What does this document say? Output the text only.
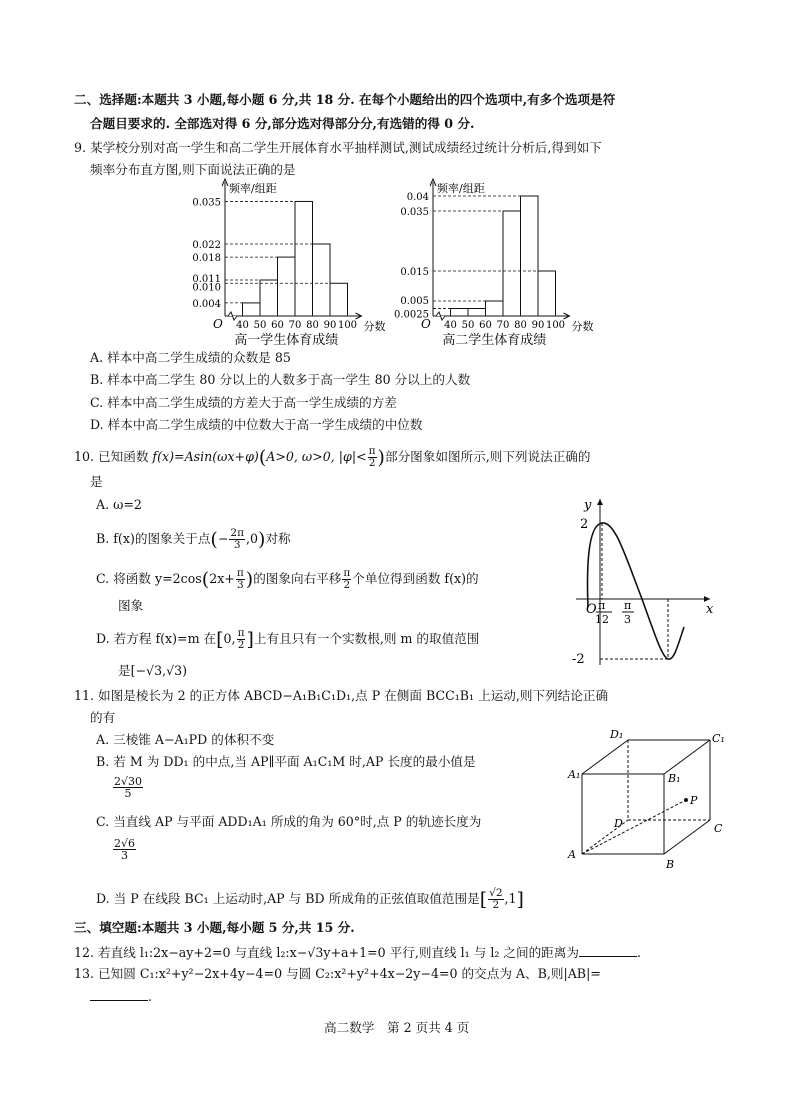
二、选择题:本题共 3 小题,每小题 6 分,共 18 分. 在每个小题给出的四个选项中,有多个选项是符
合题目要求的. 全部选对得 6 分,部分选对得部分分,有选错的得 0 分.
9. 某学校分别对高一学生和高二学生开展体育水平抽样测试,测试成绩经过统计分析后,得到如下
频率分布直方图,则下面说法正确的是
频率/组距
分数
O
高一学生体育成绩
0.035
0.022
0.018
0.011
0.010
0.004
40 50 60 70 80 90 100
频率/组距
分数
O
高二学生体育成绩
0.04
0.035
0.015
0.005
0.0025
40 50 60 70 80 90 100
A. 样本中高二学生成绩的众数是 85
B. 样本中高二学生 80 分以上的人数多于高一学生 80 分以上的人数
C. 样本中高二学生成绩的方差大于高一学生成绩的方差
D. 样本中高二学生成绩的中位数大于高一学生成绩的中位数
10. 已知函数 f(x)=Asin(ωx+φ)(A>0, ω>0, $|\varphi|< \frac{\pi}{2}$ )部分图象如图所示,则下列说法正确的
是
A. ω=2
B. f(x)的图象关于点(− $\frac{2\pi}{3} ,0$)对称
C. 将函数 $y=2\cos(2x+ \frac{\pi}{3}$ )的图象向右平移 $\frac{\pi}{2}$ 个单位得到函数 f(x)的
图象
D. 若方程 f(x)=m 在[0, $\frac{\pi}{2}$ ]上有且只有一个实数根,则 m 的取值范围
是[−√3,√3)
y
x
O
2
-2
π
12
π
3
11. 如图是棱长为 2 的正方体 ABCD−A₁B₁C₁D₁,点 P 在侧面 BCC₁B₁ 上运动,则下列结论正确
的有
A. 三棱锥 A−A₁PD 的体积不变
B. 若 M 为 DD₁ 的中点,当 AP∥平面 A₁C₁M 时,AP 长度的最小值是
$\frac{2√30}{5}$
C. 当直线 AP 与平面 ADD₁A₁ 所成的角为 60°时,点 P 的轨迹长度为
$\frac{2√6}{3}$
D. 当 P 在线段 BC₁ 上运动时,AP 与 BD 所成角的正弦值取值范围是[ $\frac{√2}{2} ,1$]
A
B
C
D
A₁	B₁
C₁
D₁
P
三、填空题:本题共 3 小题,每小题 5 分,共 15 分.
12. 若直线 l₁:2x−ay+2=0 与直线 l₂:x−√3y+a+1=0 平行,则直线 l₁ 与 l₂ 之间的距离为	.
13. 已知圆 C₁:x²+y²−2x+4y−4=0 与圆 C₂:x²+y²+4x−2y−4=0 的交点为 A、B,则|AB|=
.
高二数学　第 2 页共 4 页
